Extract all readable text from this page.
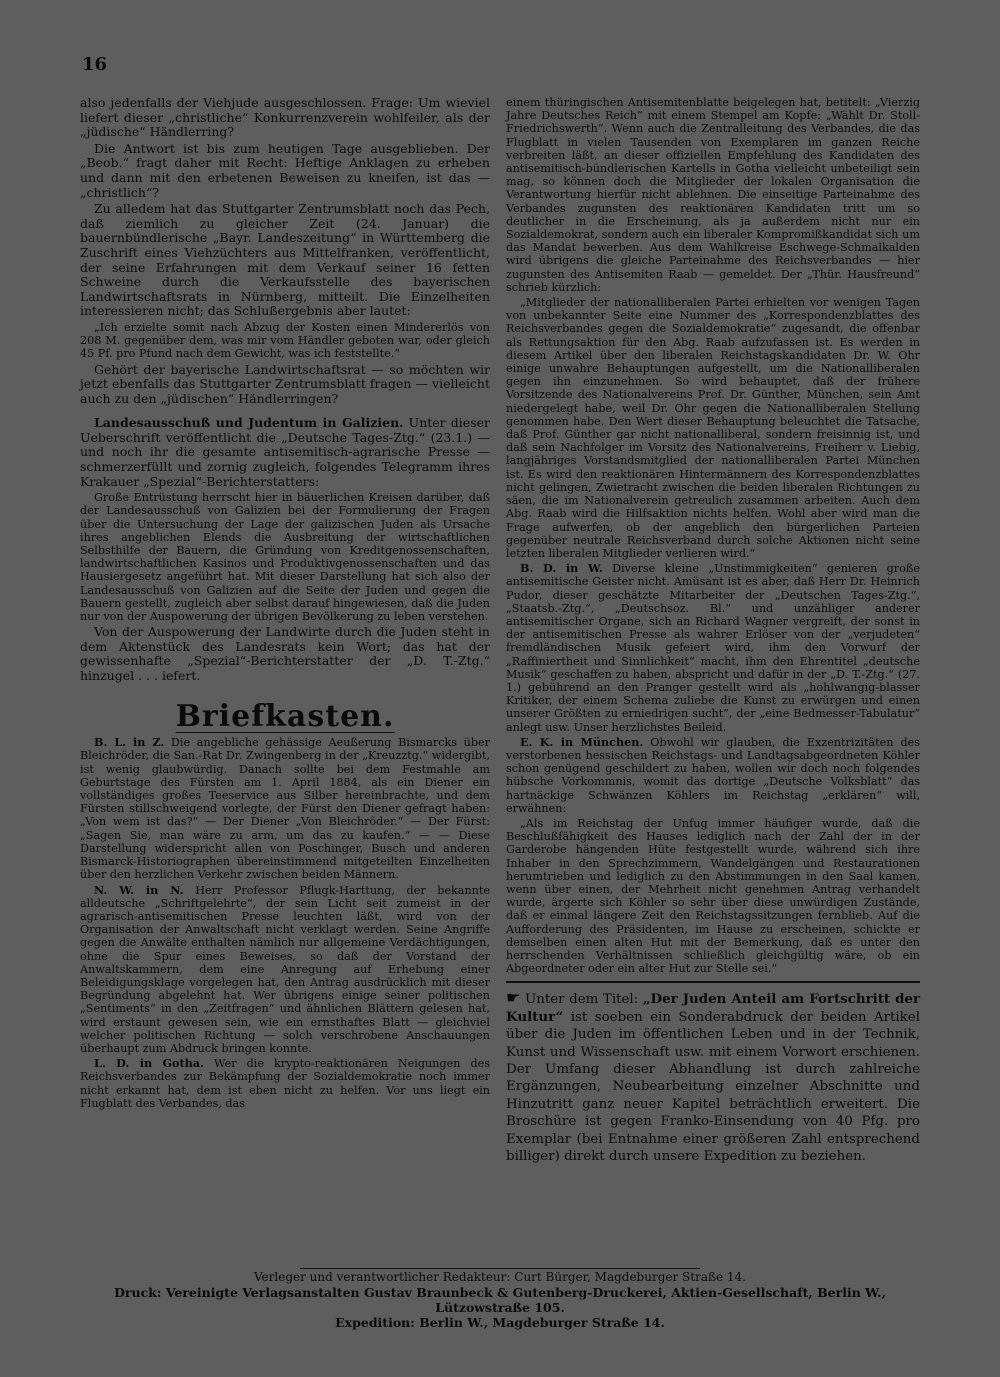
16

also jedenfalls der Viehjude ausgeschlossen. Frage: Um wieviel liefert dieser „christliche“ Konkurrenzverein wohlfeiler, als der „jüdische“ Händlerring?

Die Antwort ist bis zum heutigen Tage ausgeblieben. Der „Beob.“ fragt daher mit Recht: Heftige Anklagen zu erheben und dann mit den erbetenen Beweisen zu kneifen, ist das — „christlich“?

Zu alledem hat das Stuttgarter Zentrumsblatt noch das Pech, daß ziemlich zu gleicher Zeit (24. Januar) die bauernbündlerische „Bayr. Landeszeitung“ in Württemberg die Zuschrift eines Viehzüchters aus Mittelfranken, veröffentlicht, der seine Erfahrungen mit dem Verkauf seiner 16 fetten Schweine durch die Verkaufsstelle des bayerischen Landwirtschaftsrats in Nürnberg, mitteilt. Die Einzelheiten interessieren nicht; das Schlußergebnis aber lautet:

„Ich erzielte somit nach Abzug der Kosten einen Mindererlös von 208 M. gegenüber dem, was mir vom Händler geboten war, oder gleich 45 Pf. pro Pfund nach dem Gewicht, was ich feststellte.“

Gehört der bayerische Landwirtschaftsrat — so möchten wir jetzt ebenfalls das Stuttgarter Zentrumsblatt fragen — vielleicht auch zu den „jüdischen“ Händlerringen?

Landesausschuß und Judentum in Galizien. Unter dieser Ueberschrift veröffentlicht die „Deutsche Tages-Ztg.“ (23.1.) — und noch ihr die gesamte antisemitisch-agrarische Presse — schmerzerfüllt und zornig zugleich, folgendes Telegramm ihres Krakauer „Spezial“-Berichterstatters:

Große Entrüstung herrscht hier in bäuerlichen Kreisen darüber, daß der Landesausschuß von Galizien bei der Formulierung der Fragen über die Untersuchung der Lage der galizischen Juden als Ursache ihres angeblichen Elends die Ausbreitung der wirtschaftlichen Selbsthilfe der Bauern, die Gründung von Kreditgenossenschaften, landwirtschaftlichen Kasinos und Produktivgenossenschaften und das Hausiergesetz angeführt hat. Mit dieser Darstellung hat sich also der Landesausschuß von Galizien auf die Seite der Juden und gegen die Bauern gestellt, zugleich aber selbst darauf hingewiesen, daß die Juden nur von der Auspowerung der übrigen Bevölkerung zu leben verstehen.

Von der Auspowerung der Landwirte durch die Juden steht in dem Aktenstück des Landesrats kein Wort; das hat der gewissenhafte „Spezial“-Berichterstatter der „D. T.-Ztg.“ hinzugel . . . iefert.

Briefkasten.

B. L. in Z. Die angebliche gehässige Aeußerung Bismarcks über Bleichröder, die San.-Rat Dr. Zwingenberg in der „Kreuzztg.“ widergibt, ist wenig glaubwürdig. Danach sollte bei dem Festmahle am Geburtstage des Fürsten am 1. April 1884, als ein Diener ein vollständiges großes Teeservice aus Silber hereinbrachte, und dem Fürsten stillschweigend vorlegte, der Fürst den Diener gefragt haben: „Von wem ist das?“ — Der Diener „Von Bleichröder.“ — Der Fürst: „Sagen Sie, man wäre zu arm, um das zu kaufen.“ — — Diese Darstellung widerspricht allen von Poschinger, Busch und anderen Bismarck-Historiographen übereinstimmend mitgeteilten Einzelheiten über den herzlichen Verkehr zwischen beiden Männern.

N. W. in N. Herr Professor Pflugk-Harttung, der bekannte alldeutsche „Schriftgelehrte“, der sein Licht seit zumeist in der agrarisch-antisemitischen Presse leuchten läßt, wird von der Organisation der Anwaltschaft nicht verklagt werden. Seine Angriffe gegen die Anwälte enthalten nämlich nur allgemeine Verdächtigungen, ohne die Spur eines Beweises, so daß der Vorstand der Anwaltskammern, dem eine Anregung auf Erhebung einer Beleidigungsklage vorgelegen hat, den Antrag ausdrücklich mit dieser Begründung abgelehnt hat. Wer übrigens einige seiner politischen „Sentiments“ in den „Zeitfragen“ und ähnlichen Blättern gelesen hat, wird erstaunt gewesen sein, wie ein ernsthaftes Blatt — gleichviel welcher politischen Richtung — solch verschrobene Anschauungen überhaupt zum Abdruck bringen konnte.

L. D. in Gotha. Wer die krypto-reaktionären Neigungen des Reichsverbandes zur Bekämpfung der Sozialdemokratie noch immer nicht erkannt hat, dem ist eben nicht zu helfen. Vor uns liegt ein Flugblatt des Verbandes, das

einem thüringischen Antisemitenblatte beigelegen hat, betitelt: „Vierzig Jahre Deutsches Reich“ mit einem Stempel am Kopfe: „Wählt Dr. Stoll-Friedrichswerth“. Wenn auch die Zentralleitung des Verbandes, die das Flugblatt in vielen Tausenden von Exemplaren im ganzen Reiche verbreiten läßt, an dieser offiziellen Empfehlung des Kandidaten des antisemitisch-bündlerischen Kartells in Gotha vielleicht unbeteiligt sein mag, so können doch die Mitglieder der lokalen Organisation die Verantwortung hierfür nicht ablehnen. Die einseitige Parteinahme des Verbandes zugunsten des reaktionären Kandidaten tritt um so deutlicher in die Erscheinung, als ja außerdem nicht nur ein Sozialdemokrat, sondern auch ein liberaler Kompromißkandidat sich um das Mandat bewerben. Aus dem Wahlkreise Eschwege-Schmalkalden wird übrigens die gleiche Parteinahme des Reichsverbandes — hier zugunsten des Antisemiten Raab — gemeldet. Der „Thür. Hausfreund“ schrieb kürzlich:

„Mitglieder der nationalliberalen Partei erhielten vor wenigen Tagen von unbekannter Seite eine Nummer des „Korrespondenzblattes des Reichsverbandes gegen die Sozialdemokratie“ zugesandt, die offenbar als Rettungsaktion für den Abg. Raab aufzufassen ist. Es werden in diesem Artikel über den liberalen Reichstagskandidaten Dr. W. Ohr einige unwahre Behauptungen aufgestellt, um die Nationalliberalen gegen ihn einzunehmen. So wird behauptet, daß der frühere Vorsitzende des Nationalvereins Prof. Dr. Günther, München, sein Amt niedergelegt habe, weil Dr. Ohr gegen die Nationalliberalen Stellung genommen habe. Den Wert dieser Behauptung beleuchtet die Tatsache, daß Prof. Günther gar nicht nationalliberal, sondern freisinnig ist, und daß sein Nachfolger im Vorsitz des Nationalvereins, Freiherr v. Liebig, langjähriges Vorstandsmitglied der nationalliberalen Partei München ist. Es wird den reaktionären Hintermännern des Korrespondenzblattes nicht gelingen, Zwietracht zwischen die beiden liberalen Richtungen zu säen, die im Nationalverein getreulich zusammen arbeiten. Auch dem Abg. Raab wird die Hilfsaktion nichts helfen. Wohl aber wird man die Frage aufwerfen, ob der angeblich den bürgerlichen Parteien gegenüber neutrale Reichsverband durch solche Aktionen nicht seine letzten liberalen Mitglieder verlieren wird.“

B. D. in W. Diverse kleine „Unstimmigkeiten“ genieren große antisemitische Geister nicht. Amüsant ist es aber, daß Herr Dr. Heinrich Pudor, dieser geschätzte Mitarbeiter der „Deutschen Tages-Ztg.“, „Staatsb.-Ztg.“, „Deutschsoz. Bl.“ und unzähliger anderer antisemitischer Organe, sich an Richard Wagner vergreift, der sonst in der antisemitischen Presse als wahrer Erlöser von der „verjudeten“ fremdländischen Musik gefeiert wird, ihm den Vorwurf der „Raffiniertheit und Sinnlichkeit“ macht, ihm den Ehrentitel „deutsche Musik“ geschaffen zu haben, abspricht und dafür in der „D. T.-Ztg.“ (27. 1.) gebührend an den Pranger gestellt wird als „hohlwangig-blasser Kritiker, der einem Schema zuliebe die Kunst zu erwürgen und einen unserer Größten zu erniedrigen sucht“, der „eine Bedmesser-Tabulatur“ anlegt usw. Unser herzlichstes Beileid.

E. K. in München. Obwohl wir glauben, die Exzentrizitäten des verstorbenen hessischen Reichstags- und Landtagsabgeordneten Köhler schon genügend geschildert zu haben, wollen wir doch noch folgendes hübsche Vorkommnis, womit das dortige „Deutsche Volksblatt“ das hartnäckige Schwänzen Köhlers im Reichstag „erklären“ will, erwähnen:

„Als im Reichstag der Unfug immer häufiger wurde, daß die Beschlußfähigkeit des Hauses lediglich nach der Zahl der in der Garderobe hängenden Hüte festgestellt wurde, während sich ihre Inhaber in den Sprechzimmern, Wandelgängen und Restaurationen herumtrieben und lediglich zu den Abstimmungen in den Saal kamen, wenn über einen, der Mehrheit nicht genehmen Antrag verhandelt wurde, ärgerte sich Köhler so sehr über diese unwürdigen Zustände, daß er einmal längere Zeit den Reichstagssitzungen fernblieb. Auf die Aufforderung des Präsidenten, im Hause zu erscheinen, schickte er demselben einen alten Hut mit der Bemerkung, daß es unter den herrschenden Verhältnissen schließlich gleichgültig wäre, ob ein Abgeordneter oder ein alter Hut zur Stelle sei.“

☛ Unter dem Titel: „Der Juden Anteil am Fortschritt der Kultur“ ist soeben ein Sonderabdruck der beiden Artikel über die Juden im öffentlichen Leben und in der Technik, Kunst und Wissenschaft usw. mit einem Vorwort erschienen. Der Umfang dieser Abhandlung ist durch zahlreiche Ergänzungen, Neubearbeitung einzelner Abschnitte und Hinzutritt ganz neuer Kapitel beträchtlich erweitert. Die Broschüre ist gegen Franko-Einsendung von 40 Pfg. pro Exemplar (bei Entnahme einer größeren Zahl entsprechend billiger) direkt durch unsere Expedition zu beziehen.
Verleger und verantwortlicher Redakteur: Curt Bürger, Magdeburger Straße 14.
Druck: Vereinigte Verlagsanstalten Gustav Braunbeck & Gutenberg-Druckerei, Aktien-Gesellschaft, Berlin W., Lützowstraße 105.
Expedition: Berlin W., Magdeburger Straße 14.
